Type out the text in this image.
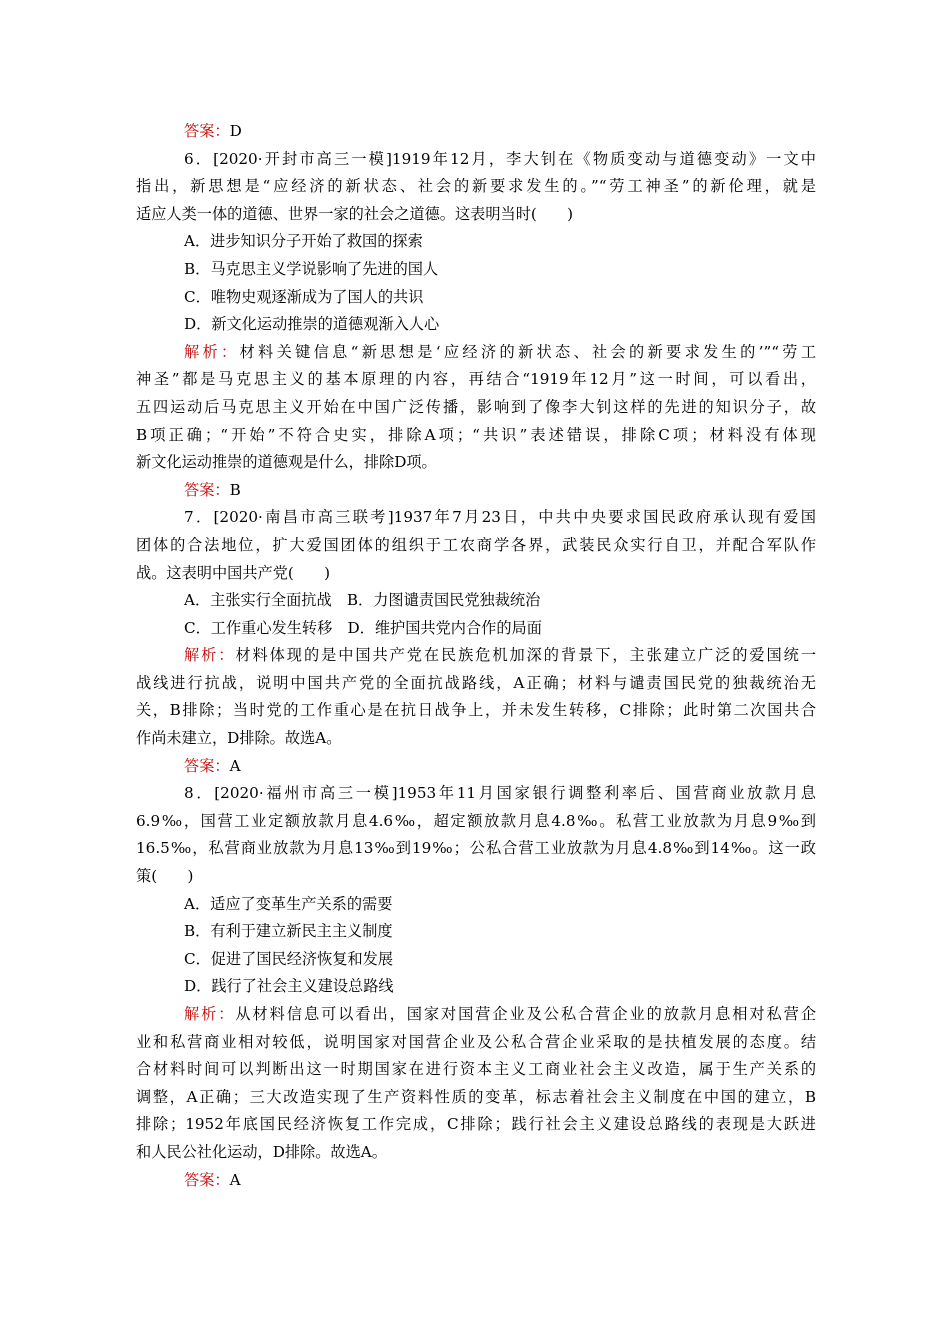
答案：D
6．[2020·开封市高三一模]1919年12月，李大钊在《物质变动与道德变动》一文中
指出，新思想是“应经济的新状态、社会的新要求发生的。”“劳工神圣”的新伦理，就是
适应人类一体的道德、世界一家的社会之道德。这表明当时(　　)
A．进步知识分子开始了救国的探索
B．马克思主义学说影响了先进的国人
C．唯物史观逐渐成为了国人的共识
D．新文化运动推崇的道德观渐入人心
解析：材料关键信息“新思想是‘应经济的新状态、社会的新要求发生的’”“劳工
神圣”都是马克思主义的基本原理的内容，再结合“1919年12月”这一时间，可以看出，
五四运动后马克思主义开始在中国广泛传播，影响到了像李大钊这样的先进的知识分子，故
B项正确；“开始”不符合史实，排除A项；“共识”表述错误，排除C项；材料没有体现
新文化运动推崇的道德观是什么，排除D项。
答案：B
7．[2020·南昌市高三联考]1937年7月23日，中共中央要求国民政府承认现有爱国
团体的合法地位，扩大爱国团体的组织于工农商学各界，武装民众实行自卫，并配合军队作
战。这表明中国共产党(　　)
A．主张实行全面抗战　B．力图谴责国民党独裁统治
C．工作重心发生转移　D．维护国共党内合作的局面
解析：材料体现的是中国共产党在民族危机加深的背景下，主张建立广泛的爱国统一
战线进行抗战，说明中国共产党的全面抗战路线，A正确；材料与谴责国民党的独裁统治无
关，B排除；当时党的工作重心是在抗日战争上，并未发生转移，C排除；此时第二次国共合
作尚未建立，D排除。故选A。
答案：A
8．[2020·福州市高三一模]1953年11月国家银行调整利率后、国营商业放款月息
6.9‰，国营工业定额放款月息4.6‰，超定额放款月息4.8‰。私营工业放款为月息9‰到
16.5‰，私营商业放款为月息13‰到19‰；公私合营工业放款为月息4.8‰到14‰。这一政
策(　　)
A．适应了变革生产关系的需要
B．有利于建立新民主主义制度
C．促进了国民经济恢复和发展
D．践行了社会主义建设总路线
解析：从材料信息可以看出，国家对国营企业及公私合营企业的放款月息相对私营企
业和私营商业相对较低，说明国家对国营企业及公私合营企业采取的是扶植发展的态度。结
合材料时间可以判断出这一时期国家在进行资本主义工商业社会主义改造，属于生产关系的
调整，A正确；三大改造实现了生产资料性质的变革，标志着社会主义制度在中国的建立，B
排除；1952年底国民经济恢复工作完成，C排除；践行社会主义建设总路线的表现是大跃进
和人民公社化运动，D排除。故选A。
答案：A
